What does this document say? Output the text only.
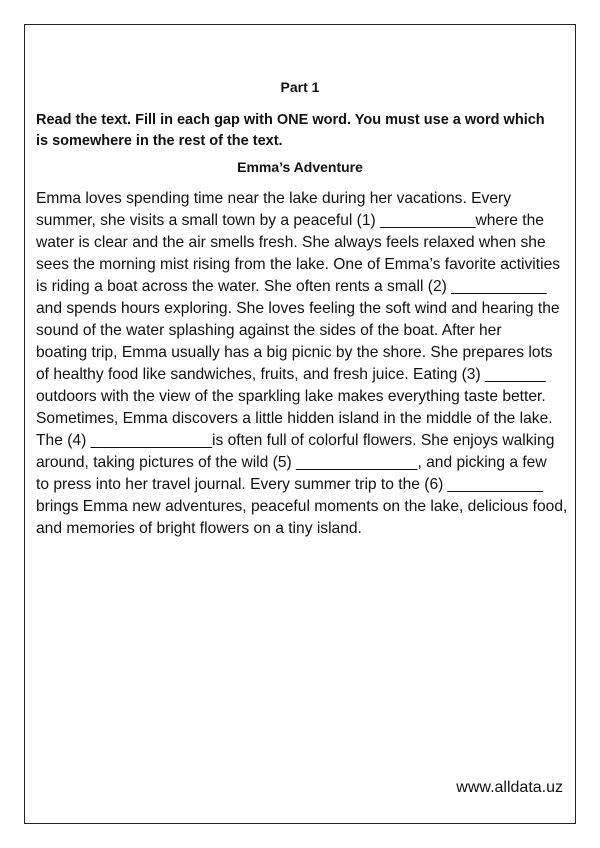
Part 1
Read the text. Fill in each gap with ONE word. You must use a word which
is somewhere in the rest of the text.
Emma’s Adventure
Emma loves spending time near the lake during her vacations. Every
summer, she visits a small town by a peaceful (1) ___________where the
water is clear and the air smells fresh. She always feels relaxed when she
sees the morning mist rising from the lake. One of Emma’s favorite activities
is riding a boat across the water. She often rents a small (2) ___________
and spends hours exploring. She loves feeling the soft wind and hearing the
sound of the water splashing against the sides of the boat. After her
boating trip, Emma usually has a big picnic by the shore. She prepares lots
of healthy food like sandwiches, fruits, and fresh juice. Eating (3) _______
outdoors with the view of the sparkling lake makes everything taste better.
Sometimes, Emma discovers a little hidden island in the middle of the lake.
The (4) ______________is often full of colorful flowers. She enjoys walking
around, taking pictures of the wild (5) ______________, and picking a few
to press into her travel journal. Every summer trip to the (6) ___________
brings Emma new adventures, peaceful moments on the lake, delicious food,
and memories of bright flowers on a tiny island.
www.alldata.uz
